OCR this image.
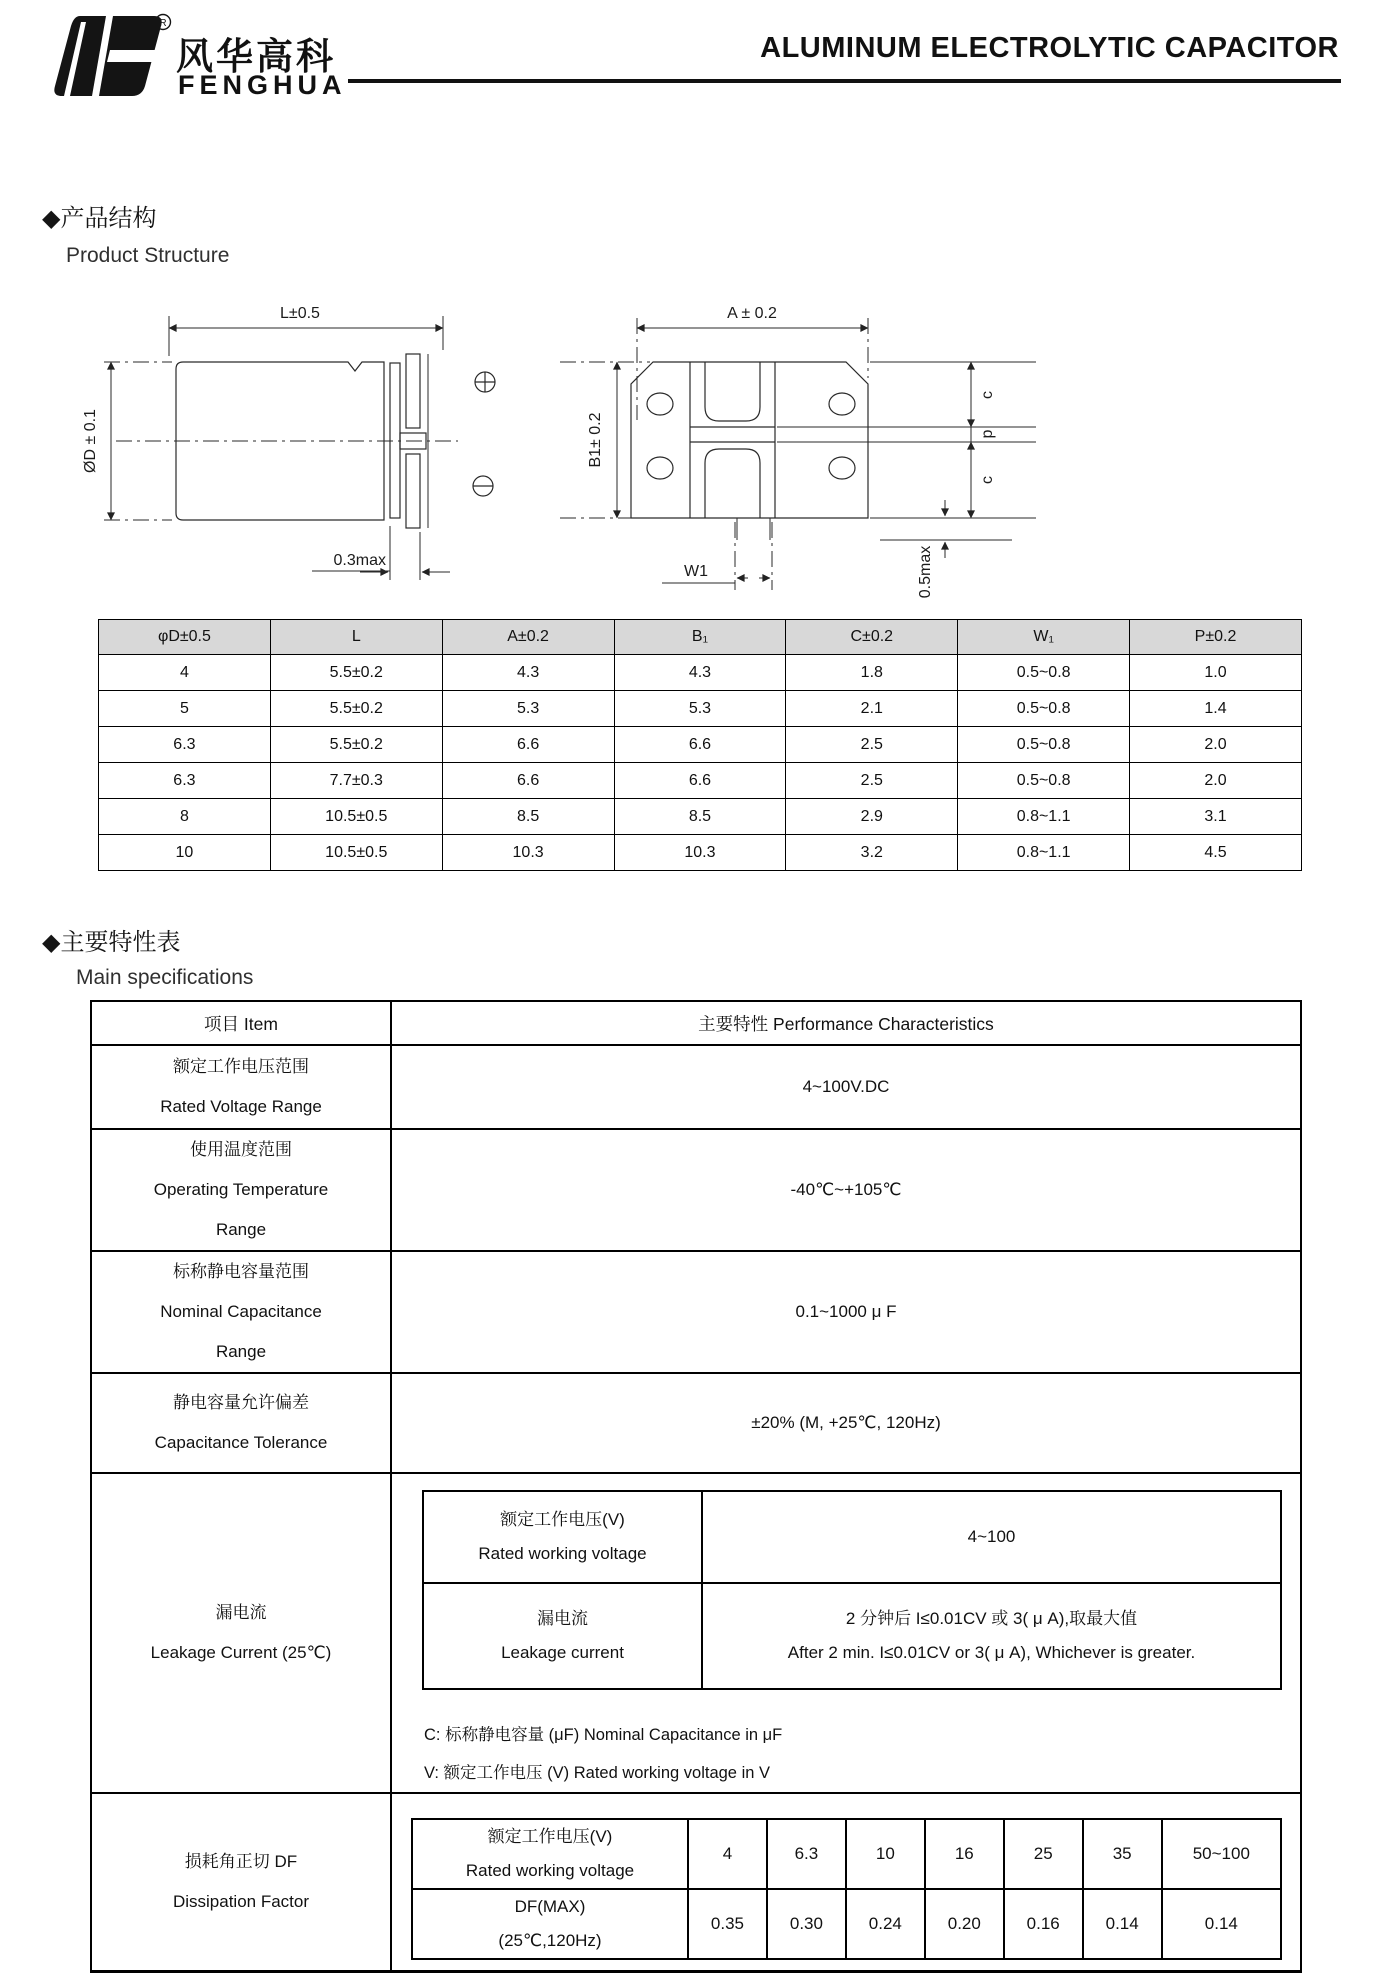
R
风华高科
FENGHUA
ALUMINUM ELECTROLYTIC CAPACITOR
◆产品结构
Product Structure
L±0.5
ØD ± 0.1
0.3max
A ± 0.2
B1± 0.2
c
p
c
W1	0.5max
φD±0.5	L	A±0.2	B₁	C±0.2	W₁	P±0.2
4	5.5±0.2	4.3	4.3	1.8	0.5~0.8	1.0
5	5.5±0.2	5.3	5.3	2.1	0.5~0.8	1.4
6.3	5.5±0.2	6.6	6.6	2.5	0.5~0.8	2.0
6.3	7.7±0.3	6.6	6.6	2.5	0.5~0.8	2.0
8	10.5±0.5	8.5	8.5	2.9	0.8~1.1	3.1
10	10.5±0.5	10.3	10.3	3.2	0.8~1.1	4.5
◆主要特性表
Main specifications
项目 Item	主要特性 Performance Characteristics

额定工作电压范围
Rated Voltage Range
	4~100V.DC

使用温度范围
Operating Temperature
Range
	-40℃~+105℃

标称静电容量范围
Nominal Capacitance
Range
	0.1~1000 μ F

静电容量允许偏差
Capacitance Tolerance
	±20% (M, +25℃, 120Hz)

漏电流
Leakage Current (25℃)

额定工作电压(V)
Rated working voltage
	4~100

漏电流
Leakage current

2 分钟后 I≤0.01CV 或 3( μ A),取最大值
After 2 min. I≤0.01CV or 3( μ A), Whichever is greater.
C: 标称静电容量 (μF) Nominal Capacitance in μF
V: 额定工作电压 (V) Rated working voltage in V

损耗角正切 DF
Dissipation Factor

额定工作电压(V)
Rated working voltage
	4	6.3	10	16	25	35	50~100

DF(MAX)
(25℃,120Hz)
	0.35	0.30	0.24	0.20	0.16	0.14	0.14
